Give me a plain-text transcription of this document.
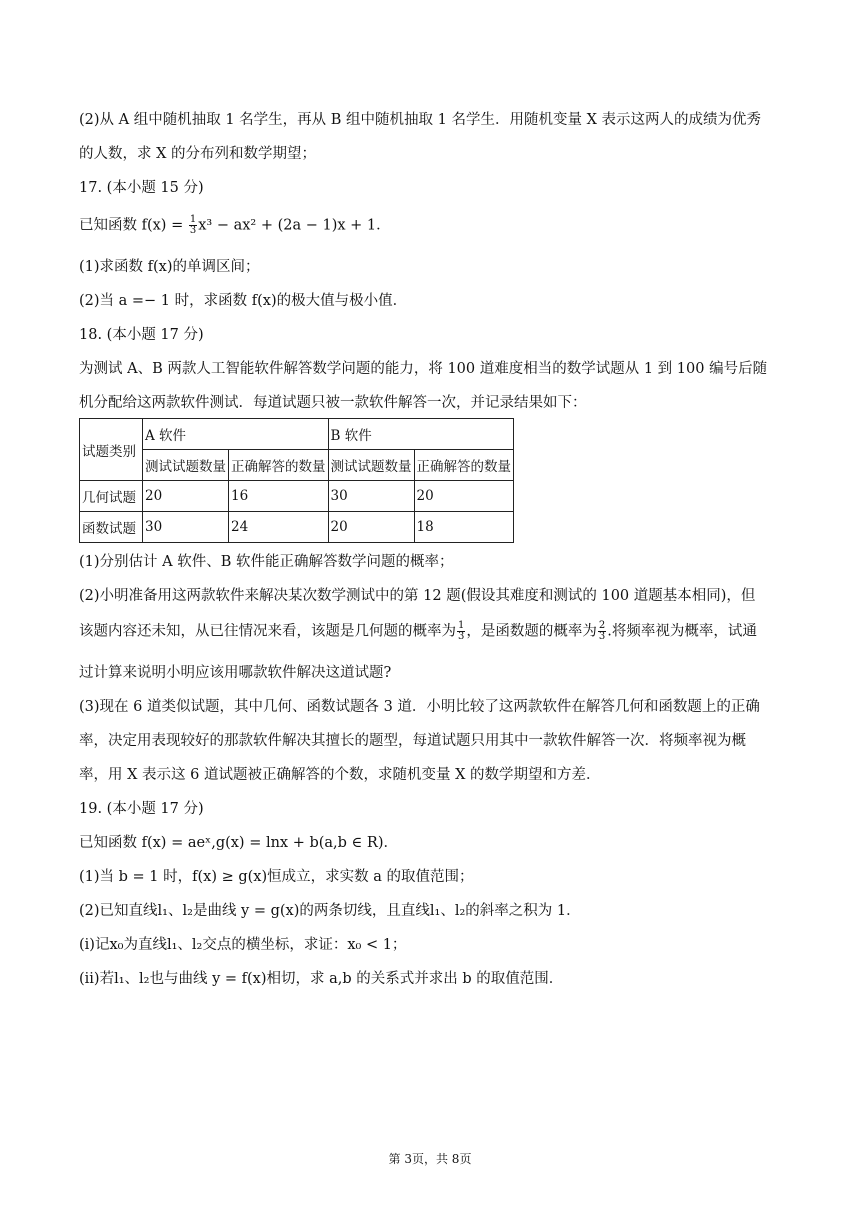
(2)从 A 组中随机抽取 1 名学生，再从 B 组中随机抽取 1 名学生．用随机变量 X 表示这两人的成绩为优秀
的人数，求 X 的分布列和数学期望；
17. (本小题 15 分)
已知函数 $f(x) = \frac{1}{3} x^3 - ax^2 + (2a - 1)x + 1$．
(1)求函数 f(x)的单调区间；
(2)当 a =− 1 时，求函数 f(x)的极大值与极小值．
18. (本小题 17 分)
为测试 A、B 两款人工智能软件解答数学问题的能力，将 100 道难度相当的数学试题从 1 到 100 编号后随
机分配给这两款软件测试．每道试题只被一款软件解答一次，并记录结果如下：
试题类别	A 软件		B 软件	
	测试试题数量	正确解答的数量	测试试题数量	正确解答的数量
几何试题	20	16	30	20
函数试题	30	24	20	18
(1)分别估计 A 软件、B 软件能正确解答数学问题的概率；
(2)小明准备用这两款软件来解决某次数学测试中的第 12 题(假设其难度和测试的 100 道题基本相同)，但
该题内容还未知，从已往情况来看，该题是几何题的概率为 $\frac{1}{3}$ ，是函数题的概率为 $\frac{2}{3}$ .将频率视为概率，试通
过计算来说明小明应该用哪款软件解决这道试题?
(3)现在 6 道类似试题，其中几何、函数试题各 3 道．小明比较了这两款软件在解答几何和函数题上的正确
率，决定用表现较好的那款软件解决其擅长的题型，每道试题只用其中一款软件解答一次．将频率视为概
率，用 X 表示这 6 道试题被正确解答的个数，求随机变量 X 的数学期望和方差．
19. (本小题 17 分)
已知函数 f(x) = aeˣ,g(x) = lnx + b(a,b ∈ R)．
(1)当 b = 1 时，f(x) ≥ g(x)恒成立，求实数 a 的取值范围；
(2)已知直线l₁、l₂是曲线 y = g(x)的两条切线，且直线l₁、l₂的斜率之积为 1．
(i)记x₀为直线l₁、l₂交点的横坐标，求证：x₀ < 1；
(ii)若l₁、l₂也与曲线 y = f(x)相切，求 a,b 的关系式并求出 b 的取值范围．
第 3页，共 8页
